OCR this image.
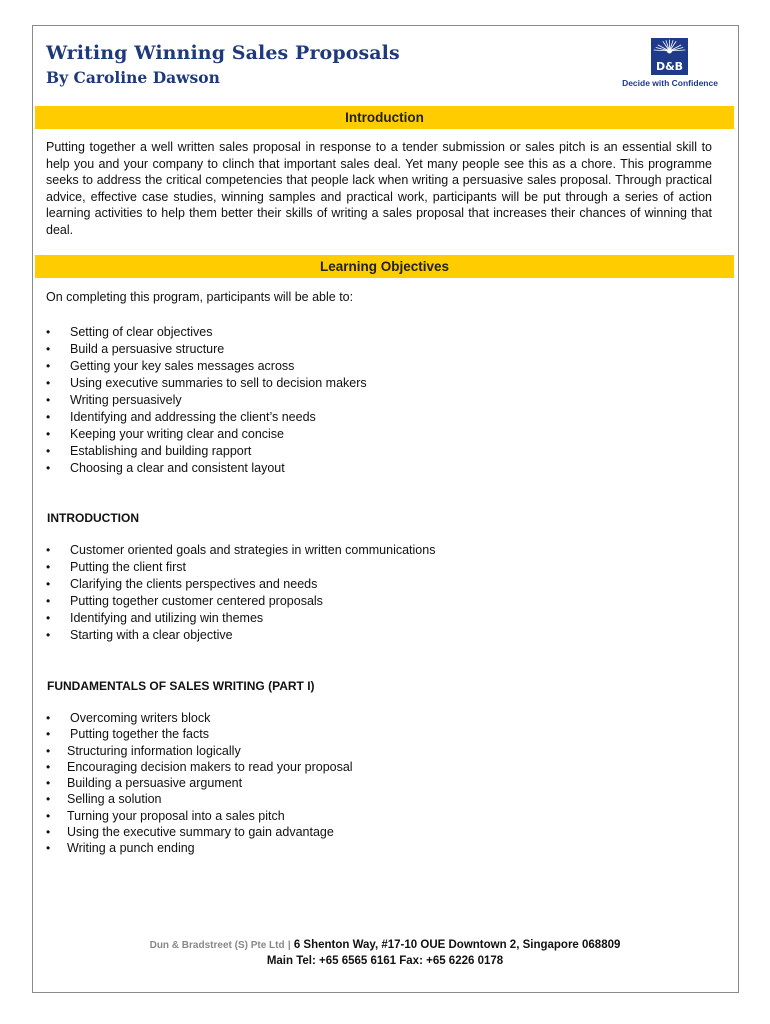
Writing Winning Sales Proposals
By Caroline Dawson
D&B
Decide with Confidence
Introduction

Putting together a well written sales proposal in response to a tender submission or sales pitch is an essential skill to help you and your company to clinch that important sales deal. Yet many people see this as a chore. This programme seeks to address the critical competencies that people lack when writing a persuasive sales proposal. Through practical advice, effective case studies, winning samples and practical work, participants will be put through a series of action learning activities to help them better their skills of writing a sales proposal that increases their chances of winning that deal.

Learning Objectives

On completing this program, participants will be able to:

• Setting of clear objectives
• Build a persuasive structure
• Getting your key sales messages across
• Using executive summaries to sell to decision makers
• Writing persuasively
• Identifying and addressing the client’s needs
• Keeping your writing clear and concise
• Establishing and building rapport
• Choosing a clear and consistent layout

INTRODUCTION

• Customer oriented goals and strategies in written communications
• Putting the client first
• Clarifying the clients perspectives and needs
• Putting together customer centered proposals
• Identifying and utilizing win themes
• Starting with a clear objective

FUNDAMENTALS OF SALES WRITING (PART I)

• Overcoming writers block
• Putting together the facts
• Structuring information logically
• Encouraging decision makers to read your proposal
• Building a persuasive argument
• Selling a solution
• Turning your proposal into a sales pitch
• Using the executive summary to gain advantage
• Writing a punch ending
Dun & Bradstreet (S) Pte Ltd | 6 Shenton Way, #17-10 OUE Downtown 2, Singapore 068809
Main Tel: +65 6565 6161 Fax: +65 6226 0178
